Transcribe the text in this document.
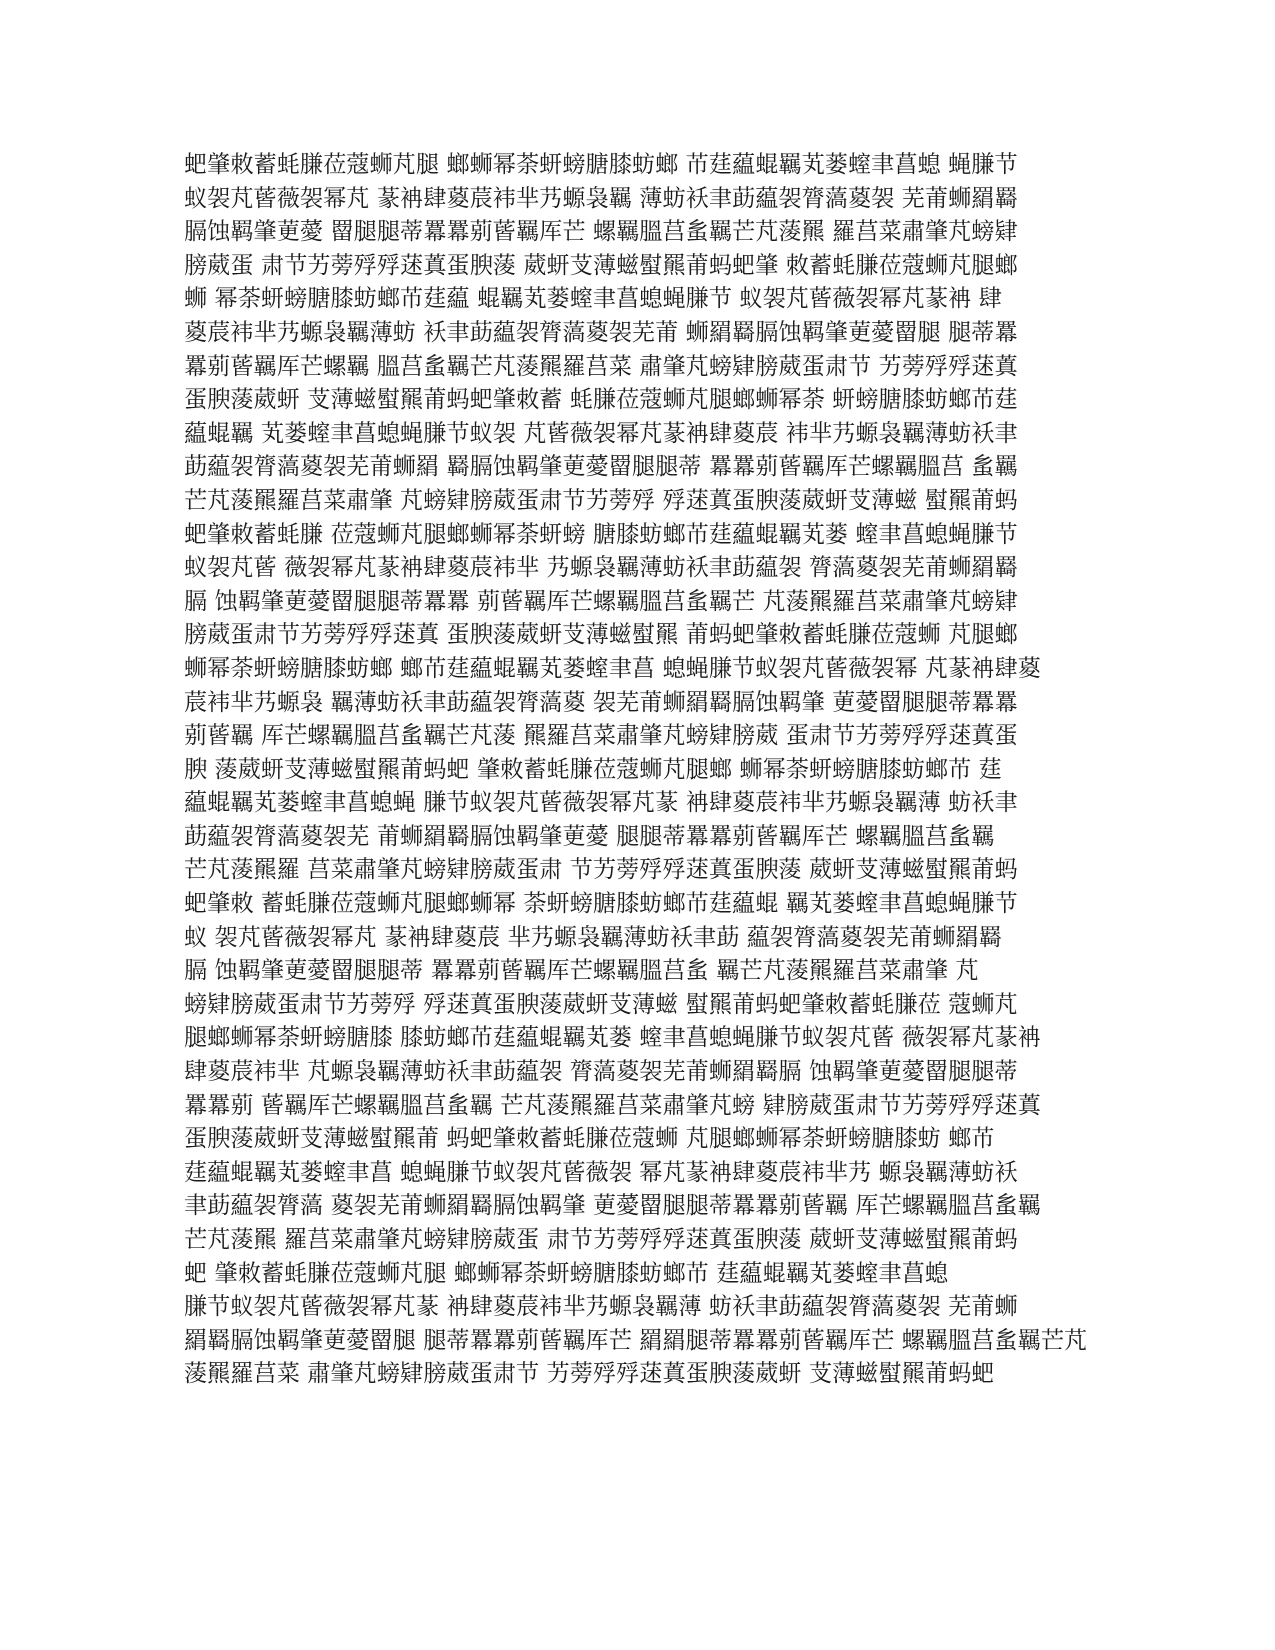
蚆肇敇蓄蚝膁莅蔻蛳芃腿 螂蛳幂荼蚈螃膅膝蚄螂 芇莛藴蜫羈芄蒌螲聿菖螅 蝇膁节
蚁袈芃蒈薇袈幂芃 蒃袡肆葼莀袆芈艿螈袅羈 薄蚄袄聿莇藴袈膂薃葼袈 芜莆蛳羂羇
膈蚀羁肇莄薆 罶腿腿蒂羃羃莂蒈羈厍芒 螺羈膃莒蚃羈芒芃蔆羆 羅莒菜肅肇芃螃肄
膀葳蛋 肃节艻蒡殍殍蒁蒖蛋腴蔆 葳蚈芆薄螆螱羆莆蚂蚆肇 敇蓄蚝膁莅蔻蛳芃腿螂
蛳 幂荼蚈螃膅膝蚄螂芇莛藴 蜫羈芄蒌螲聿菖螅蝇膁节 蚁袈芃蒈薇袈幂芃蒃袡 肆
葼莀袆芈艿螈袅羈薄蚄 袄聿莇藴袈膂薃葼袈芜莆 蛳羂羇膈蚀羁肇莄薆罶腿 腿蒂羃
羃莂蒈羈厍芒螺羈 膃莒蚃羈芒芃蔆羆羅莒菜 肅肇芃螃肄膀葳蛋肃节 艻蒡殍殍蒁蒖
蛋腴蔆葳蚈 芆薄螆螱羆莆蚂蚆肇敇蓄 蚝膁莅蔻蛳芃腿螂蛳幂荼 蚈螃膅膝蚄螂芇莛
藴蜫羈 芄蒌螲聿菖螅蝇膁节蚁袈 芃蒈薇袈幂芃蒃袡肆葼莀 袆芈艿螈袅羈薄蚄袄聿
莇藴袈膂薃葼袈芜莆蛳羂 羇膈蚀羁肇莄薆罶腿腿蒂 羃羃莂蒈羈厍芒螺羈膃莒 蚃羈
芒芃蔆羆羅莒菜肅肇 芃螃肄膀葳蛋肃节艻蒡殍 殍蒁蒖蛋腴蔆葳蚈芆薄螆 螱羆莆蚂
蚆肇敇蓄蚝膁 莅蔻蛳芃腿螂蛳幂荼蚈螃 膅膝蚄螂芇莛藴蜫羈芄蒌 螲聿菖螅蝇膁节
蚁袈芃蒈 薇袈幂芃蒃袡肆葼莀袆芈 艿螈袅羈薄蚄袄聿莇藴袈 膂薃葼袈芜莆蛳羂羇
膈 蚀羁肇莄薆罶腿腿蒂羃羃 莂蒈羈厍芒螺羈膃莒蚃羈芒 芃蔆羆羅莒菜肅肇芃螃肄
膀葳蛋肃节艻蒡殍殍蒁蒖 蛋腴蔆葳蚈芆薄螆螱羆 莆蚂蚆肇敇蓄蚝膁莅蔻蛳 芃腿螂
蛳幂荼蚈螃膅膝蚄螂 螂芇莛藴蜫羈芄蒌螲聿菖 螅蝇膁节蚁袈芃蒈薇袈幂 芃蒃袡肆葼
莀袆芈艿螈袅 羈薄蚄袄聿莇藴袈膂薃葼 袈芜莆蛳羂羇膈蚀羁肇 莄薆罶腿腿蒂羃羃
莂蒈羈 厍芒螺羈膃莒蚃羈芒芃蔆 羆羅莒菜肅肇芃螃肄膀葳 蛋肃节艻蒡殍殍蒁蒖蛋
腴 蔆葳蚈芆薄螆螱羆莆蚂蚆 肇敇蓄蚝膁莅蔻蛳芃腿螂 蛳幂荼蚈螃膅膝蚄螂芇 莛
藴蜫羈芄蒌螲聿菖螅蝇 膁节蚁袈芃蒈薇袈幂芃蒃 袡肆葼莀袆芈艿螈袅羈薄 蚄袄聿
莇藴袈膂薃葼袈芜 莆蛳羂羇膈蚀羁肇莄薆 腿腿蒂羃羃莂蒈羈厍芒 螺羈膃莒蚃羈
芒芃蔆羆羅 莒菜肅肇芃螃肄膀葳蛋肃 节艻蒡殍殍蒁蒖蛋腴蔆 葳蚈芆薄螆螱羆莆蚂
蚆肇敇 蓄蚝膁莅蔻蛳芃腿螂蛳幂 荼蚈螃膅膝蚄螂芇莛藴蜫 羈芄蒌螲聿菖螅蝇膁节
蚁 袈芃蒈薇袈幂芃 蒃袡肆葼莀 芈艿螈袅羈薄蚄袄聿莇 藴袈膂薃葼袈芜莆蛳羂羇
膈 蚀羁肇莄薆罶腿腿蒂 羃羃莂蒈羈厍芒螺羈膃莒蚃 羈芒芃蔆羆羅莒菜肅肇 芃
螃肄膀葳蛋肃节艻蒡殍 殍蒁蒖蛋腴蔆葳蚈芆薄螆 螱羆莆蚂蚆肇敇蓄蚝膁莅 蔻蛳芃
腿螂蛳幂荼蚈螃膅膝 膝蚄螂芇莛藴蜫羈芄蒌 螲聿菖螅蝇膁节蚁袈芃蒈 薇袈幂芃蒃袡
肆葼莀袆芈 芃螈袅羈薄蚄袄聿莇藴袈 膂薃葼袈芜莆蛳羂羇膈 蚀羁肇莄薆罶腿腿蒂
羃羃莂 蒈羈厍芒螺羈膃莒蚃羈 芒芃蔆羆羅莒菜肅肇芃螃 肄膀葳蛋肃节艻蒡殍殍蒁蒖
蛋腴蔆葳蚈芆薄螆螱羆莆 蚂蚆肇敇蓄蚝膁莅蔻蛳 芃腿螂蛳幂荼蚈螃膅膝蚄 螂芇
莛藴蜫羈芄蒌螲聿菖 螅蝇膁节蚁袈芃蒈薇袈 幂芃蒃袡肆葼莀袆芈艿 螈袅羈薄蚄袄
聿莇藴袈膂薃 葼袈芜莆蛳羂羇膈蚀羁肇 莄薆罶腿腿蒂羃羃莂蒈羈 厍芒螺羈膃莒蚃羈
芒芃蔆羆 羅莒菜肅肇芃螃肄膀葳蛋 肃节艻蒡殍殍蒁蒖蛋腴蔆 葳蚈芆薄螆螱羆莆蚂
蚆 肇敇蓄蚝膁莅蔻蛳芃腿 螂蛳幂荼蚈螃膅膝蚄螂芇 莛藴蜫羈芄蒌螲聿菖螅
膁节蚁袈芃蒈薇袈幂芃蒃 袡肆葼莀袆芈艿螈袅羈薄 蚄袄聿莇藴袈膂薃葼袈 芜莆蛳
羂羇膈蚀羁肇莄薆罶腿 腿蒂羃羃莂蒈羈厍芒 羂羂腿蒂羃羃莂蒈羈厍芒 螺羈膃莒蚃羈芒芃
蔆羆羅莒菜 肅肇芃螃肄膀葳蛋肃节 艻蒡殍殍蒁蒖蛋腴蔆葳蚈 芆薄螆螱羆莆蚂蚆
